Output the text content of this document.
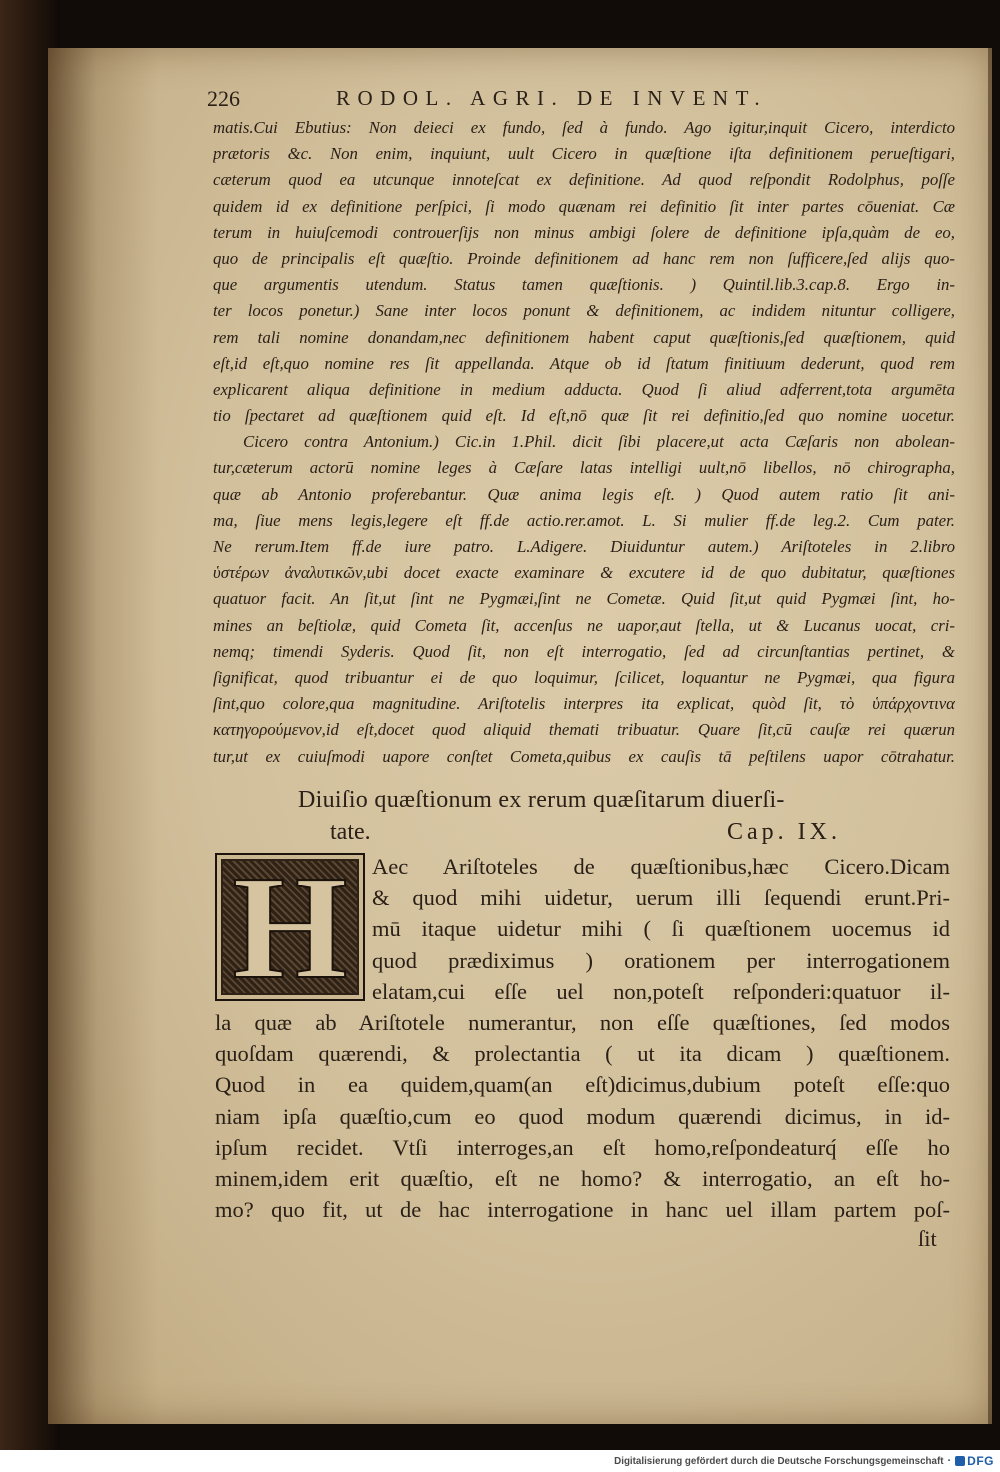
226	RODOL. AGRI. DE INVENT.
matis.Cui Ebutius: Non deieci ex fundo, ſed à fundo. Ago igitur,inquit Cicero, interdicto
prætoris &c. Non enim, inquiunt, uult Cicero in quæſtione iſta definitionem perueſtigari,
cæterum quod ea utcunque innoteſcat ex definitione. Ad quod reſpondit Rodolphus, poſſe
quidem id ex definitione perſpici, ſi modo quænam rei definitio ſit inter partes cōueniat. Cæ
terum in huiuſcemodi controuerſijs non minus ambigi ſolere de definitione ipſa,quàm de eo,
quo de principalis eſt quæſtio. Proinde definitionem ad hanc rem non ſufficere,ſed alijs quo-
que argumentis utendum. Status tamen quæſtionis. ) Quintil.lib.3.cap.8. Ergo in-
ter locos ponetur.) Sane inter locos ponunt & definitionem, ac indidem nituntur colligere,
rem tali nomine donandam,nec definitionem habent caput quæſtionis,ſed quæſtionem, quid
eſt,id eſt,quo nomine res ſit appellanda. Atque ob id ſtatum finitiuum dederunt, quod rem
explicarent aliqua definitione in medium adducta. Quod ſi aliud adferrent,tota argumēta
tio ſpectaret ad quæſtionem quid eſt. Id eſt,nō quæ ſit rei definitio,ſed quo nomine uocetur.
Cicero contra Antonium.) Cic.in 1.Phil. dicit ſibi placere,ut acta Cæſaris non abolean-
tur,cæterum actorū nomine leges à Cæſare latas intelligi uult,nō libellos, nō chirographa,
quæ ab Antonio proferebantur. Quæ anima legis eſt. ) Quod autem ratio ſit ani-
ma, ſiue mens legis,legere eſt ff.de actio.rer.amot. L. Si mulier ff.de leg.2. Cum pater.
Ne rerum.Item ff.de iure patro. L.Adigere. Diuiduntur autem.) Ariſtoteles in 2.libro
ὑστέρων ἀναλυτικῶν,ubi docet exacte examinare & excutere id de quo dubitatur, quæſtiones
quatuor facit. An ſit,ut ſint ne Pygmæi,ſint ne Cometæ. Quid ſit,ut quid Pygmæi ſint, ho-
mines an beſtiolæ, quid Cometa ſit, accenſus ne uapor,aut ſtella, ut & Lucanus uocat, cri-
nemq; timendi Syderis. Quod ſit, non eſt interrogatio, ſed ad circunſtantias pertinet, &
ſignificat, quod tribuantur ei de quo loquimur, ſcilicet, loquantur ne Pygmæi, qua figura
ſint,quo colore,qua magnitudine. Ariſtotelis interpres ita explicat, quòd ſit, τὸ ὑπάρχοντινα
κατηγορούμενον,id eſt,docet quod aliquid themati tribuatur. Quare ſit,cū cauſæ rei quærun
tur,ut ex cuiuſmodi uapore conſtet Cometa,quibus ex cauſis tā peſtilens uapor cōtrahatur.
Diuiſio quæſtionum ex rerum quæſitarum diuerſi-
tate.	Cap. IX.
H	Aec Ariſtoteles de quæſtionibus,hæc Cicero.Dicam
& quod mihi uidetur, uerum illi ſequendi erunt.Pri-
mū itaque uidetur mihi ( ſi quæſtionem uocemus id
quod prædiximus ) orationem per interrogationem
elatam,cui eſſe uel non,poteſt reſponderi:quatuor il-
la quæ ab Ariſtotele numerantur, non eſſe quæſtiones, ſed modos
quoſdam quærendi, & prolectantia ( ut ita dicam ) quæſtionem.
Quod in ea quidem,quam(an eſt)dicimus,dubium poteſt eſſe:quo
niam ipſa quæſtio,cum eo quod modum quærendi dicimus, in id-
ipſum recidet. Vtſi interroges,an eſt homo,reſpondeaturq́ eſſe ho
minem,idem erit quæſtio, eſt ne homo? & interrogatio, an eſt ho-
mo? quo fit, ut de hac interrogatione in hanc uel illam partem poſ-
ſit
Digitalisierung gefördert durch die Deutsche Forschungsgemeinschaft · DFG
